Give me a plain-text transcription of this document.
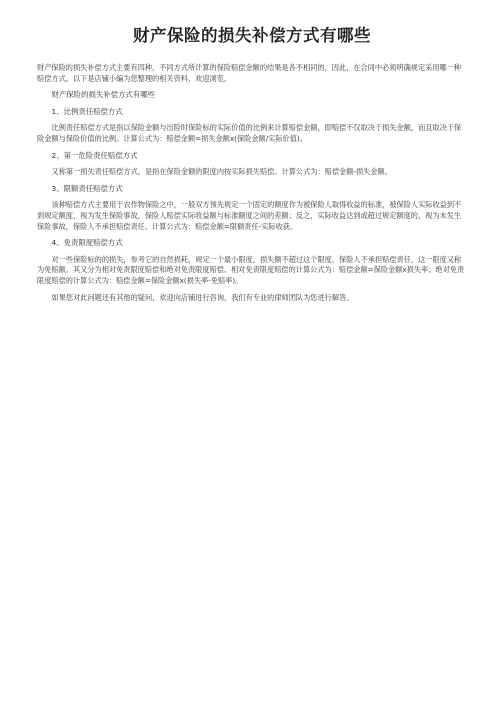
财产保险的损失补偿方式有哪些

财产保险的损失补偿方式主要有四种，不同方式所计算的保险赔偿金额的结果是各不相同的，因此，在合同中必须明确规定采用哪一种赔偿方式。以下是店铺小编为您整理的相关资料，欢迎浏览。

财产保险的损失补偿方式有哪些

1、比例责任赔偿方式

比例责任赔偿方式是指以保险金额与出险时保险标的实际价值的比例来计算赔偿金额，即赔偿不仅取决于损失金额，而且取决于保险金额与保险价值的比例。计算公式为：赔偿金额=损失金额x(保险金额/实际价值)。

2、第一危险责任赔偿方式

又称第一损失责任赔偿方式，是指在保险金额的限度内按实际损失赔偿。计算公式为：赔偿金额-损失金额。

3、限额责任赔偿方式

该种赔偿方式主要用于农作物保险之中，一般双方预先规定一个固定的额度作为被保险人取得收益的标准，被保险人实际收益到不到规定额度，视为发生保险事故，保险人赔偿实际收益额与标准额度之间的差额；反之，实际收益达到或超过规定额度的，视为未发生保险事故，保险人不承担赔偿责任。计算公式为：赔偿金额=限额责任-实际收获。

4、免责限度赔偿方式

对一些保险标的的损失，参考它的自然损耗，规定一个最小限度，损失额不超过这个限度，保险人不承担赔偿责任，这一限度又称为免赔额。其又分为相对免责限度赔偿和绝对免责限度赔偿。相对免责限度赔偿的计算公式为：赔偿金额=保险金额x损失率；绝对免责限度赔偿的计算公式为：赔偿金额=保险金额x(损失率-免赔率)。

如果您对此问题还有其他的疑问，欢迎向店铺进行咨询，我们有专业的律师团队为您进行解答。
